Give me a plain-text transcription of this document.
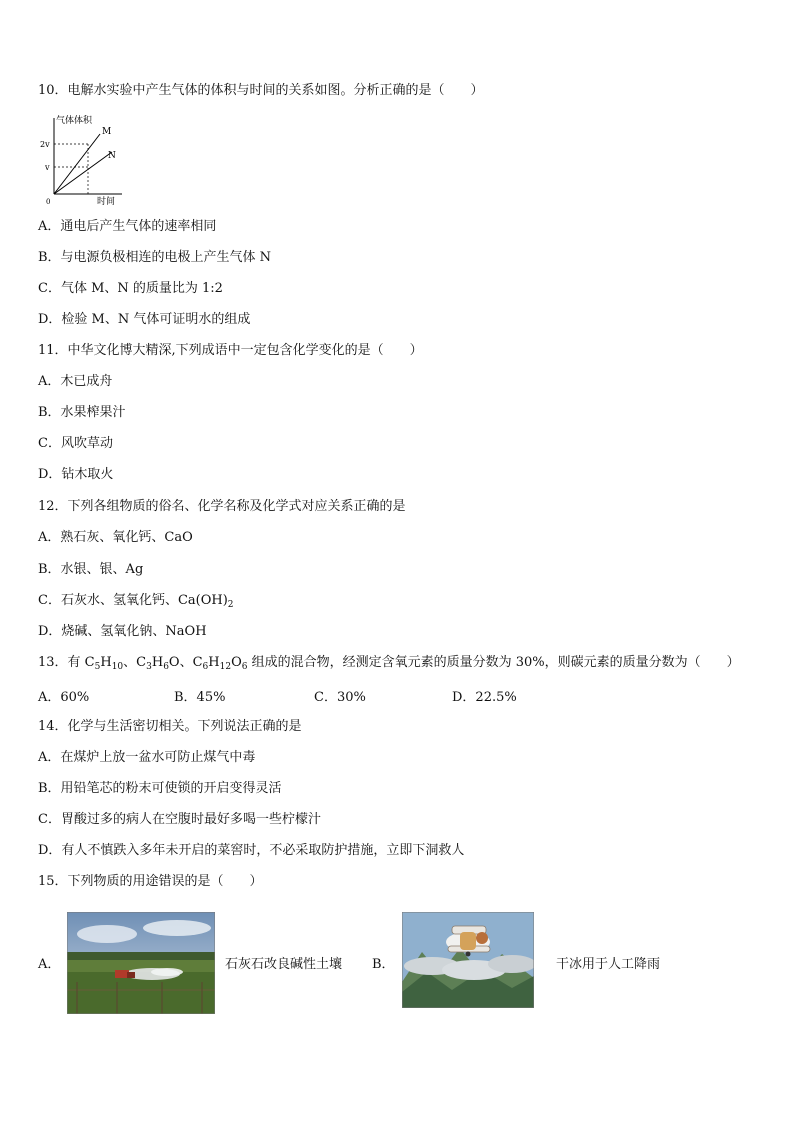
10．电解水实验中产生气体的体积与时间的关系如图。分析正确的是（　　）
气体体积
时间
0
2v
v
M
N
A．通电后产生气体的速率相同
B．与电源负极相连的电极上产生气体 N
C．气体 M、N 的质量比为 1:2
D．检验 M、N 气体可证明水的组成
11．中华文化博大精深,下列成语中一定包含化学变化的是（　　）
A．木已成舟
B．水果榨果汁
C．风吹草动
D．钻木取火
12．下列各组物质的俗名、化学名称及化学式对应关系正确的是
A．熟石灰、氧化钙、CaO
B．水银、银、Ag
C．石灰水、氢氧化钙、$Ca(OH)_2$
D．烧碱、氢氧化钠、NaOH
13．有 $C_5H_{10}$、$C_3H_6O$、$C_6H_{12}O_6$ 组成的混合物，经测定含氧元素的质量分数为 30%，则碳元素的质量分数为（　　）
A．60%	B．45%	C．30%	D．22.5%
14．化学与生活密切相关。下列说法正确的是
A．在煤炉上放一盆水可防止煤气中毒
B．用铅笔芯的粉末可使锁的开启变得灵活
C．胃酸过多的病人在空腹时最好多喝一些柠檬汁
D．有人不慎跌入多年未开启的菜窖时，不必采取防护措施，立即下洞救人
15．下列物质的用途错误的是（　　）
A．	石灰石改良碱性土壤 B．	干冰用于人工降雨
